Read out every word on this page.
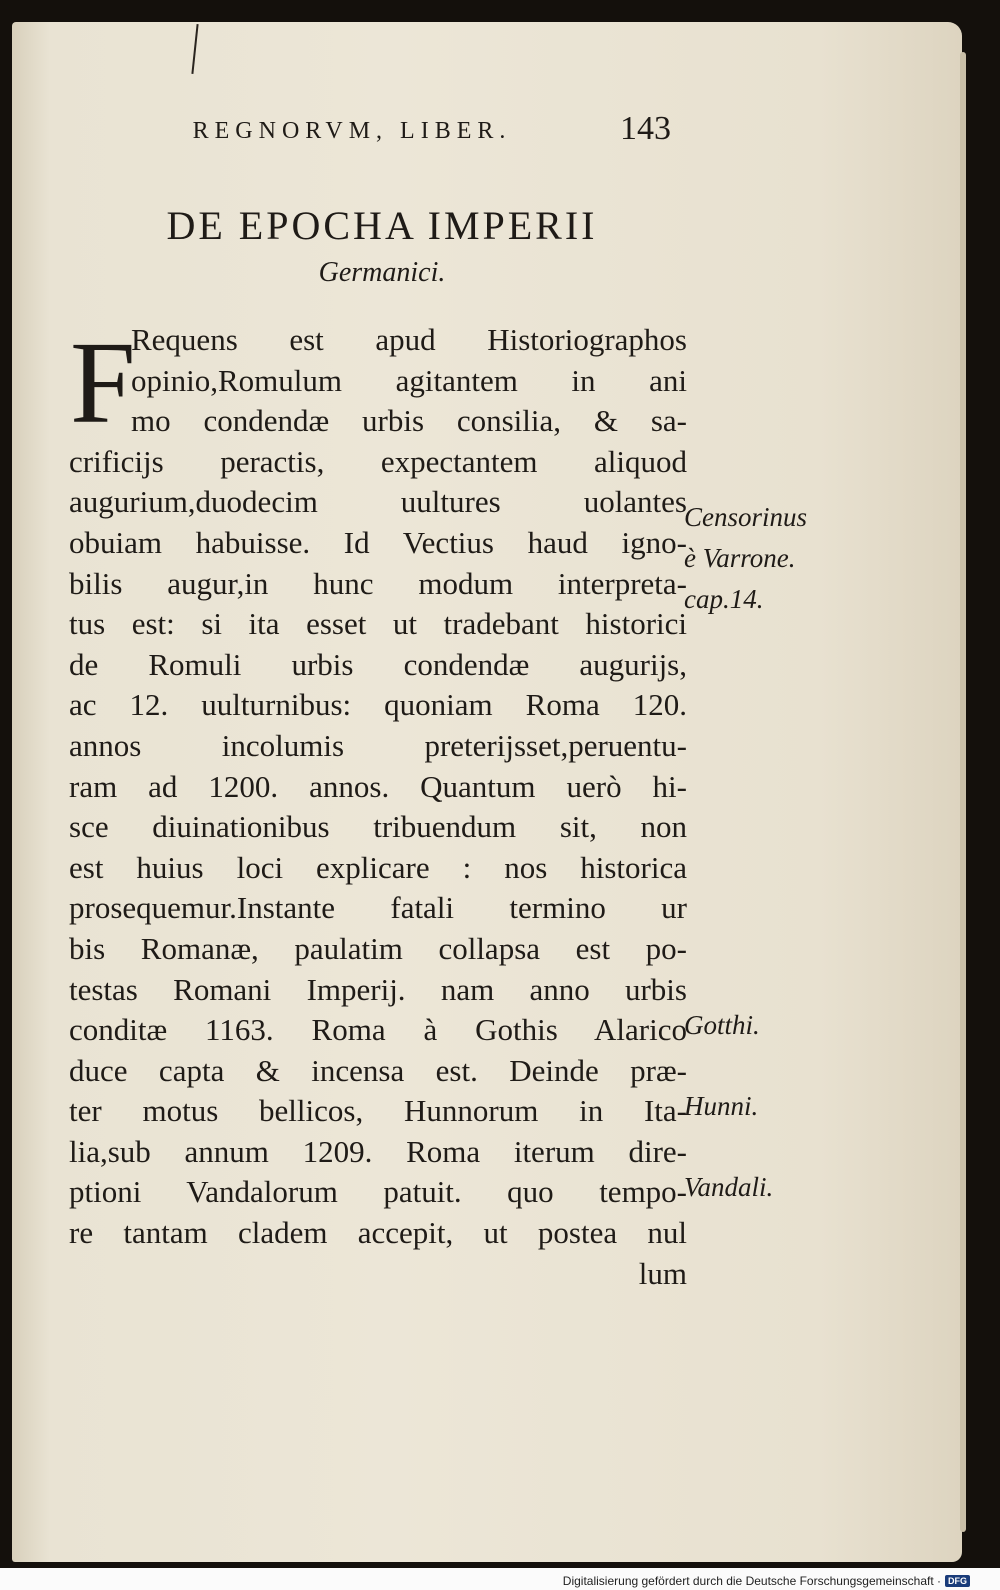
REGNORVM, LIBER.	143
DE EPOCHA IMPERII
Germanici.
F
Requens est apud Historiographos
opinio,Romulum agitantem in ani
mo condendæ urbis consilia, & sa-
crificijs peractis, expectantem aliquod
augurium,duodecim uultures uolantes
obuiam habuisse. Id Vectius haud igno-
bilis augur,in hunc modum interpreta-
tus est: si ita esset ut tradebant historici
de Romuli urbis condendæ augurijs,
ac 12. uulturnibus: quoniam Roma 120.
annos incolumis preterijsset,peruentu-
ram ad 1200. annos. Quantum uerò hi-
sce diuinationibus tribuendum sit, non
est huius loci explicare : nos historica
prosequemur.Instante fatali termino ur
bis Romanæ, paulatim collapsa est po-
testas Romani Imperij. nam anno urbis
conditæ 1163. Roma à Gothis Alarico
duce capta & incensa est. Deinde præ-
ter motus bellicos, Hunnorum in Ita-
lia,sub annum 1209. Roma iterum dire-
ptioni Vandalorum patuit. quo tempo-
re tantam cladem accepit, ut postea nul
lum
Censorinus
è Varrone.
cap.14.
Gotthi.
Hunni.
Vandali.
Digitalisierung gefördert durch die Deutsche Forschungsgemeinschaft · DFG
